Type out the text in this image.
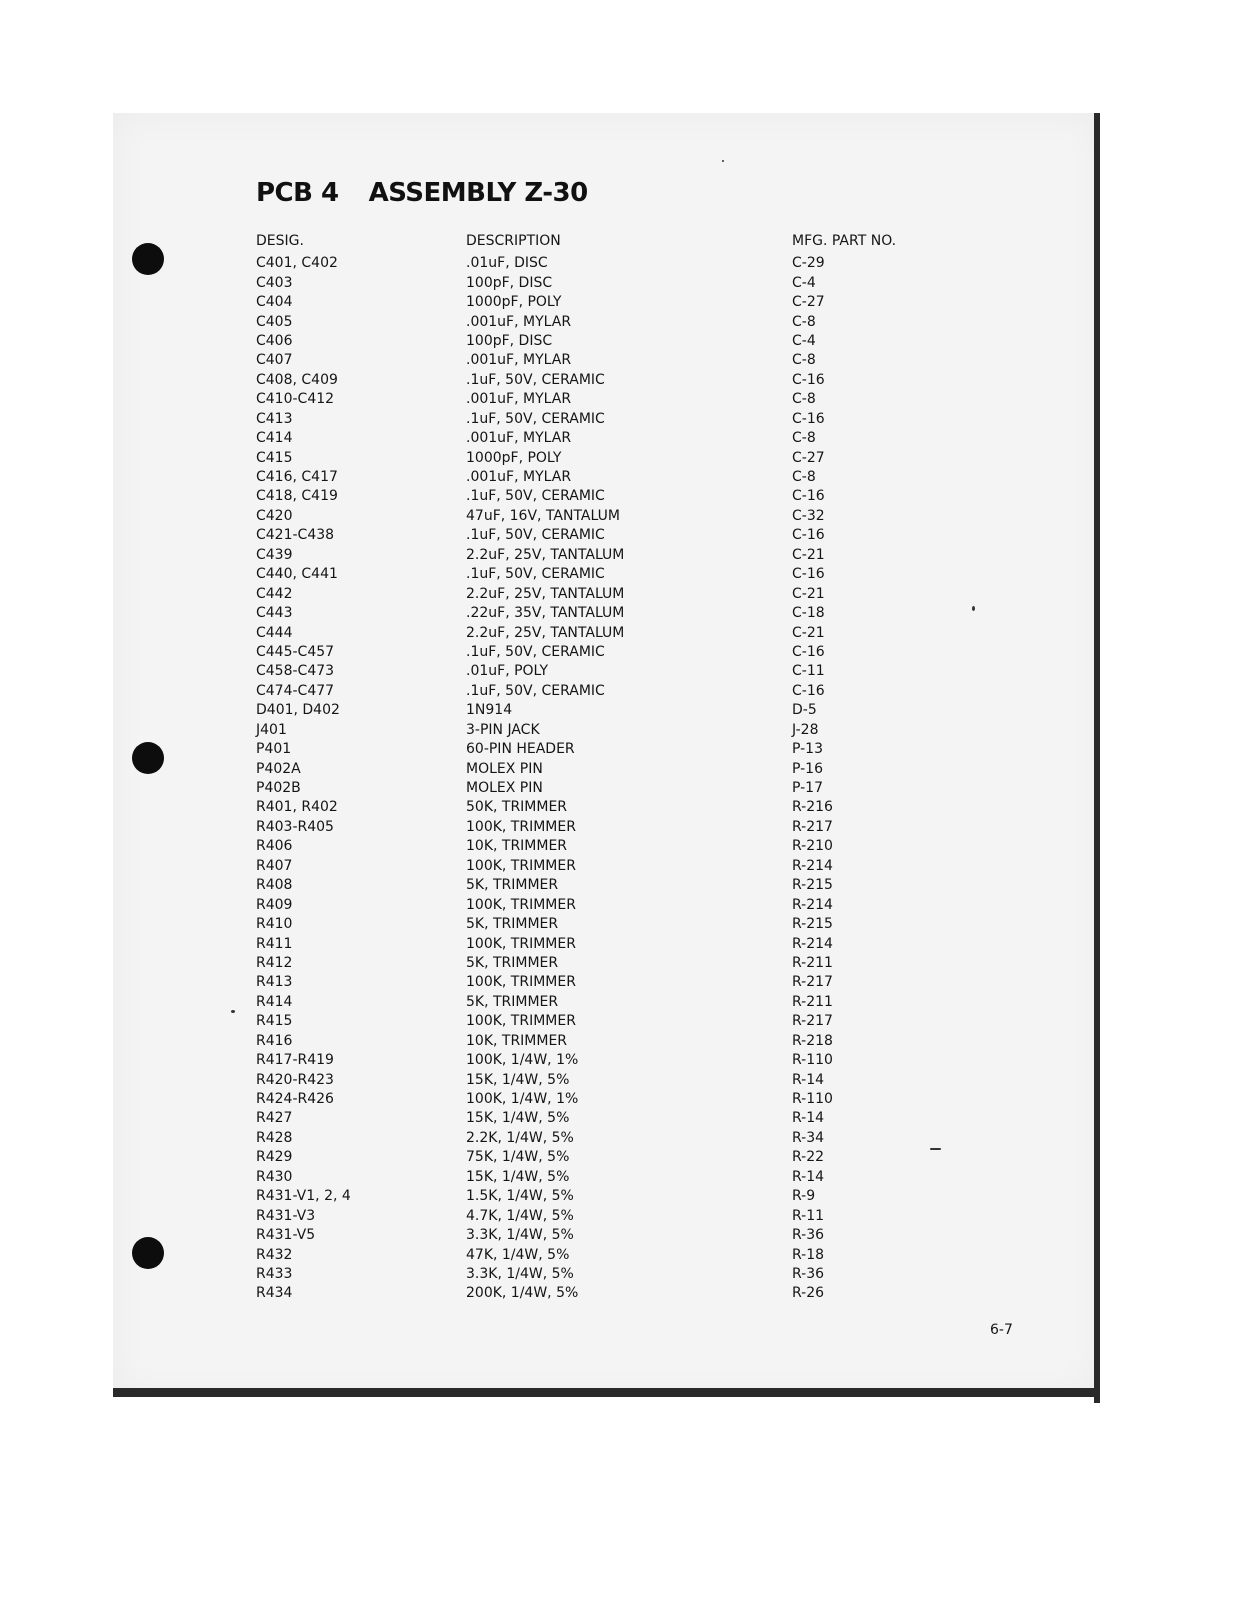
PCB 4 ASSEMBLY Z-30
DESIG.	DESCRIPTION	MFG. PART NO.
C401, C402	.01uF, DISC	C-29
C403	100pF, DISC	C-4
C404	1000pF, POLY	C-27
C405	.001uF, MYLAR	C-8
C406	100pF, DISC	C-4
C407	.001uF, MYLAR	C-8
C408, C409	.1uF, 50V, CERAMIC	C-16
C410-C412	.001uF, MYLAR	C-8
C413	.1uF, 50V, CERAMIC	C-16
C414	.001uF, MYLAR	C-8
C415	1000pF, POLY	C-27
C416, C417	.001uF, MYLAR	C-8
C418, C419	.1uF, 50V, CERAMIC	C-16
C420	47uF, 16V, TANTALUM	C-32
C421-C438	.1uF, 50V, CERAMIC	C-16
C439	2.2uF, 25V, TANTALUM	C-21
C440, C441	.1uF, 50V, CERAMIC	C-16
C442	2.2uF, 25V, TANTALUM	C-21
C443	.22uF, 35V, TANTALUM	C-18
C444	2.2uF, 25V, TANTALUM	C-21
C445-C457	.1uF, 50V, CERAMIC	C-16
C458-C473	.01uF, POLY	C-11
C474-C477	.1uF, 50V, CERAMIC	C-16
D401, D402	1N914	D-5
J401	3-PIN JACK	J-28
P401	60-PIN HEADER	P-13
P402A	MOLEX PIN	P-16
P402B	MOLEX PIN	P-17
R401, R402	50K, TRIMMER	R-216
R403-R405	100K, TRIMMER	R-217
R406	10K, TRIMMER	R-210
R407	100K, TRIMMER	R-214
R408	5K, TRIMMER	R-215
R409	100K, TRIMMER	R-214
R410	5K, TRIMMER	R-215
R411	100K, TRIMMER	R-214
R412	5K, TRIMMER	R-211
R413	100K, TRIMMER	R-217
R414	5K, TRIMMER	R-211
R415	100K, TRIMMER	R-217
R416	10K, TRIMMER	R-218
R417-R419	100K, 1/4W, 1%	R-110
R420-R423	15K, 1/4W, 5%	R-14
R424-R426	100K, 1/4W, 1%	R-110
R427	15K, 1/4W, 5%	R-14
R428	2.2K, 1/4W, 5%	R-34
R429	75K, 1/4W, 5%	R-22
R430	15K, 1/4W, 5%	R-14
R431-V1, 2, 4	1.5K, 1/4W, 5%	R-9
R431-V3	4.7K, 1/4W, 5%	R-11
R431-V5	3.3K, 1/4W, 5%	R-36
R432	47K, 1/4W, 5%	R-18
R433	3.3K, 1/4W, 5%	R-36
R434	200K, 1/4W, 5%	R-26
6-7
